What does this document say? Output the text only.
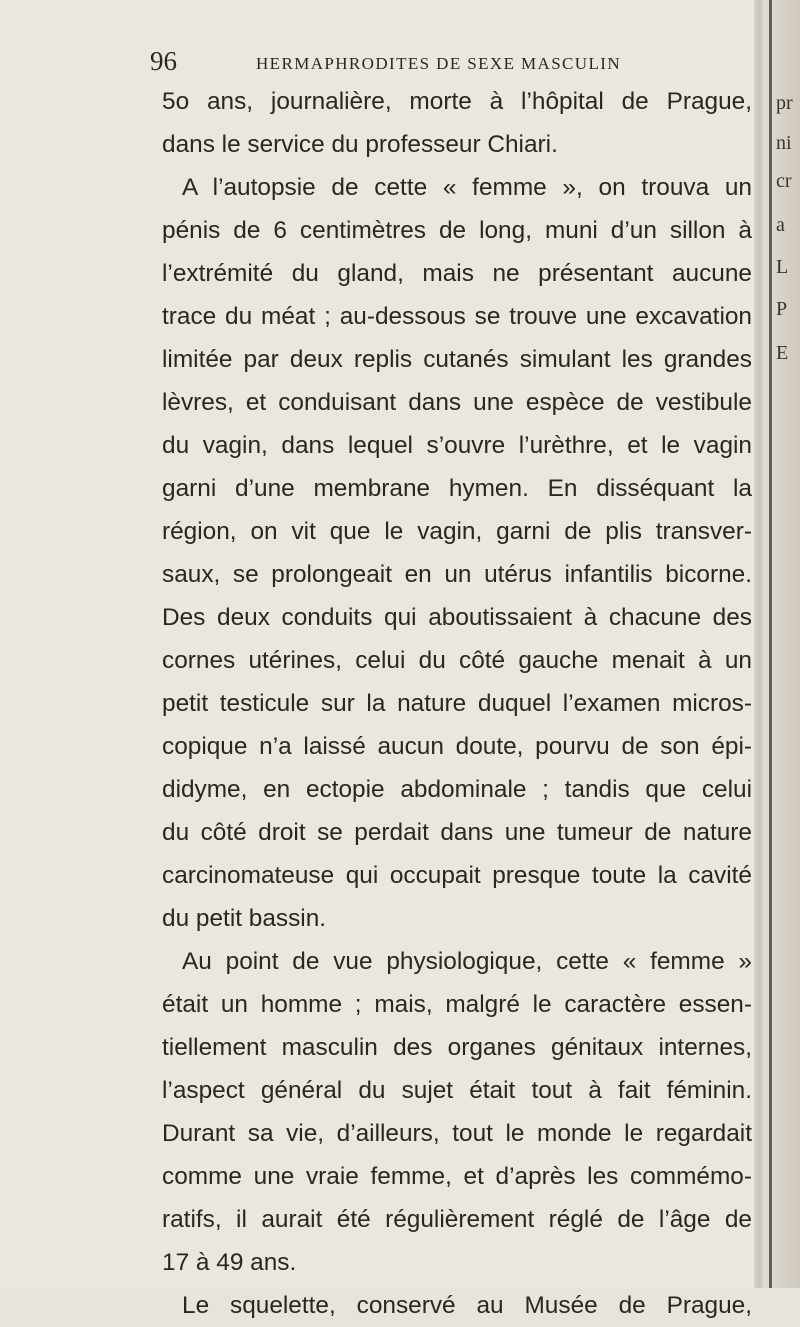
96	HERMAPHRODITES DE SEXE MASCULIN
5o ans, journalière, morte à l’hôpital de Prague,
dans le service du professeur Chiari.
A l’autopsie de cette « femme », on trouva un
pénis de 6 centimètres de long, muni d’un sillon à
l’extrémité du gland, mais ne présentant aucune
trace du méat ; au-dessous se trouve une excavation
limitée par deux replis cutanés simulant les grandes
lèvres, et conduisant dans une espèce de vestibule
du vagin, dans lequel s’ouvre l’urèthre, et le vagin
garni d’une membrane hymen. En disséquant la
région, on vit que le vagin, garni de plis transver-
saux, se prolongeait en un utérus infantilis bicorne.
Des deux conduits qui aboutissaient à chacune des
cornes utérines, celui du côté gauche menait à un
petit testicule sur la nature duquel l’examen micros-
copique n’a laissé aucun doute, pourvu de son épi-
didyme, en ectopie abdominale ; tandis que celui
du côté droit se perdait dans une tumeur de nature
carcinomateuse qui occupait presque toute la cavité
du petit bassin.
Au point de vue physiologique, cette « femme »
était un homme ; mais, malgré le caractère essen-
tiellement masculin des organes génitaux internes,
l’aspect général du sujet était tout à fait féminin.
Durant sa vie, d’ailleurs, tout le monde le regardait
comme une vraie femme, et d’après les commémo-
ratifs, il aurait été régulièrement réglé de l’âge de
17 à 49 ans.
Le squelette, conservé au Musée de Prague,
pr
ni
cr
a
L
P
E
